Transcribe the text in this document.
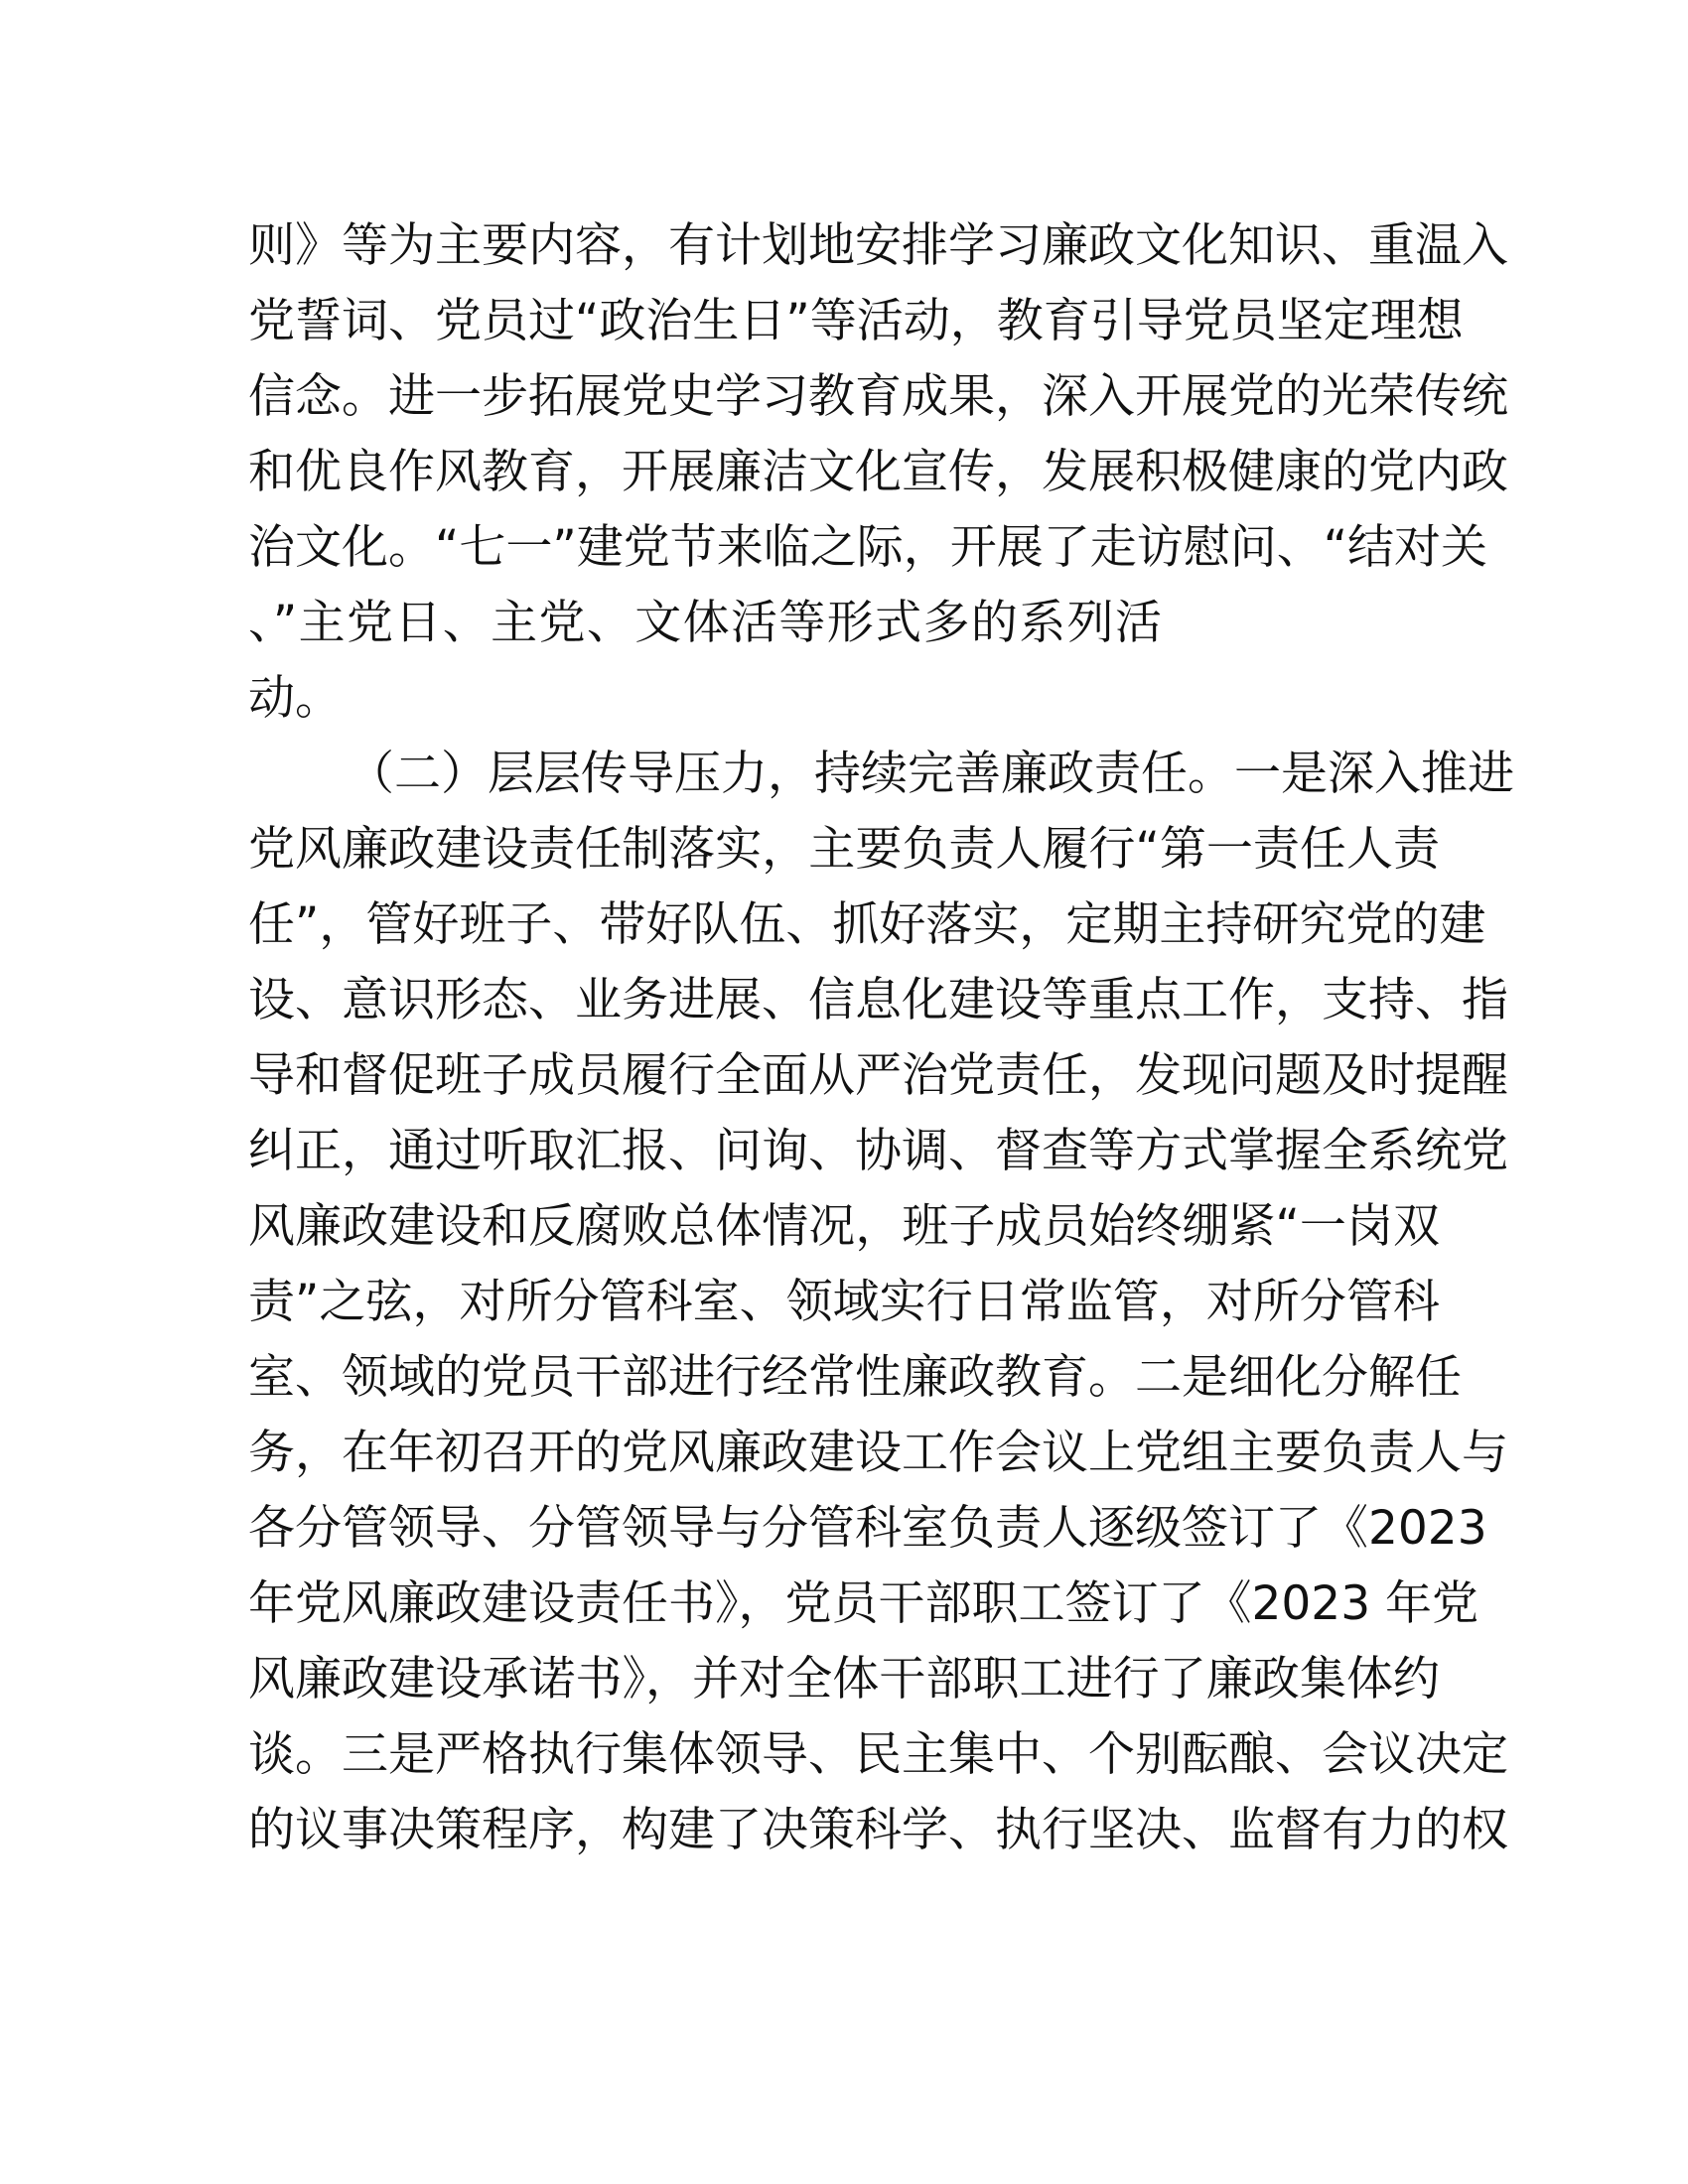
则》等为主要内容，有计划地安排学习廉政文化知识、重温入

党誓词、党员过“政治生日”等活动，教育引导党员坚定理想

信念。进一步拓展党史学习教育成果，深入开展党的光荣传统

和优良作风教育，开展廉洁文化宣传，发展积极健康的党内政

治文化。“七一”建党节来临之际，开展了走访慰问、“结对关

、”主党日、主党、文体活等形式多的系列活

动。

（二）层层传导压力，持续完善廉政责任。一是深入推进

党风廉政建设责任制落实，主要负责人履行“第一责任人责

任”，管好班子、带好队伍、抓好落实，定期主持研究党的建

设、意识形态、业务进展、信息化建设等重点工作，支持、指

导和督促班子成员履行全面从严治党责任，发现问题及时提醒

纠正，通过听取汇报、问询、协调、督查等方式掌握全系统党

风廉政建设和反腐败总体情况，班子成员始终绷紧“一岗双

责”之弦，对所分管科室、领域实行日常监管，对所分管科

室、领域的党员干部进行经常性廉政教育。二是细化分解任

务，在年初召开的党风廉政建设工作会议上党组主要负责人与

各分管领导、分管领导与分管科室负责人逐级签订了《2023

年党风廉政建设责任书》，党员干部职工签订了《2023 年党

风廉政建设承诺书》，并对全体干部职工进行了廉政集体约

谈。三是严格执行集体领导、民主集中、个别酝酿、会议决定

的议事决策程序，构建了决策科学、执行坚决、监督有力的权
